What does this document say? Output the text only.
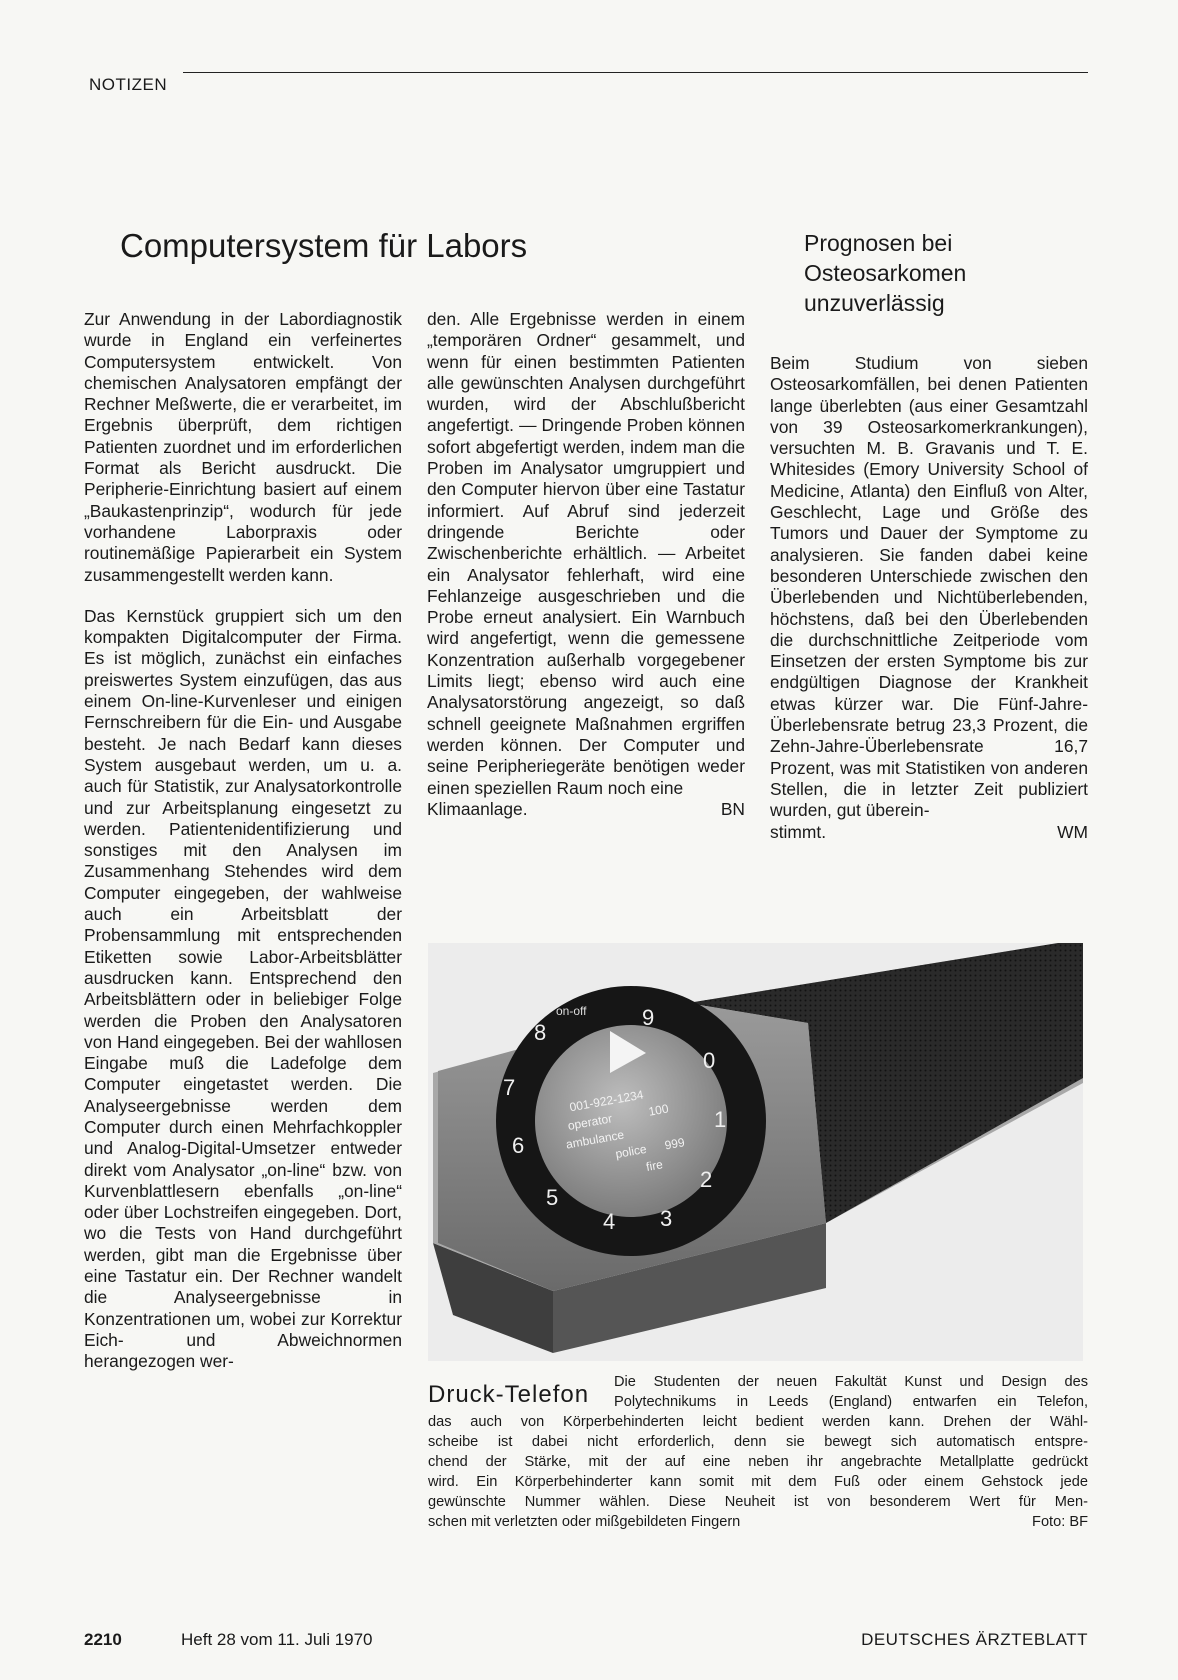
NOTIZEN
Computersystem für Labors	Prognosen bei
Osteosarkomen
unzuverlässig

Zur Anwendung in der Labordiagnostik wurde in England ein verfeinertes Computersystem entwickelt. Von chemischen Analysatoren empfängt der Rechner Meßwerte, die er verarbeitet, im Ergebnis überprüft, dem richtigen Patienten zuordnet und im erforderlichen Format als Bericht ausdruckt. Die Peripherie-Einrichtung basiert auf einem „Baukastenprinzip“, wodurch für jede vorhandene Laborpraxis oder routinemäßige Papierarbeit ein System zusammengestellt werden kann.

Das Kernstück gruppiert sich um den kompakten Digitalcomputer der Firma. Es ist möglich, zunächst ein einfaches preiswertes System einzufügen, das aus einem On-line-Kurvenleser und einigen Fernschreibern für die Ein- und Ausgabe besteht. Je nach Bedarf kann dieses System ausgebaut werden, um u. a. auch für Statistik, zur Analysatorkontrolle und zur Arbeitsplanung eingesetzt zu werden. Patientenidentifizierung und sonstiges mit den Analysen im Zusammenhang Stehendes wird dem Computer eingegeben, der wahlweise auch ein Arbeitsblatt der Probensammlung mit entsprechenden Etiketten sowie Labor-Arbeitsblätter ausdrucken kann. Entsprechend den Arbeitsblättern oder in beliebiger Folge werden die Proben den Analysatoren von Hand eingegeben. Bei der wahllosen Eingabe muß die Ladefolge dem Computer eingetastet werden. Die Analyseergebnisse werden dem Computer durch einen Mehrfachkoppler und Analog-Digital-Umsetzer entweder direkt vom Analysator „on-line“ bzw. von Kurvenblattlesern ebenfalls „on-line“ oder über Lochstreifen eingegeben. Dort, wo die Tests von Hand durchgeführt werden, gibt man die Ergebnisse über eine Tastatur ein. Der Rechner wandelt die Analyseergebnisse in Konzentrationen um, wobei zur Korrektur Eich- und Abweichnormen herangezogen wer-

den. Alle Ergebnisse werden in einem „temporären Ordner“ gesammelt, und wenn für einen bestimmten Patienten alle gewünschten Analysen durchgeführt wurden, wird der Abschlußbericht angefertigt. — Dringende Proben können sofort abgefertigt werden, indem man die Proben im Analysator umgruppiert und den Computer hiervon über eine Tastatur informiert. Auf Abruf sind jederzeit dringende Berichte oder Zwischenberichte erhältlich. — Arbeitet ein Analysator fehlerhaft, wird eine Fehlanzeige ausgeschrieben und die Probe erneut analysiert. Ein Warnbuch wird angefertigt, wenn die gemessene Konzentration außerhalb vorgegebener Limits liegt; ebenso wird auch eine Analysatorstörung angezeigt, so daß schnell geeignete Maßnahmen ergriffen werden können. Der Computer und seine Peripheriegeräte benötigen weder einen speziellen Raum noch eine

Klimaanlage.	BN

Beim Studium von sieben Osteosarkomfällen, bei denen Patienten lange überlebten (aus einer Gesamtzahl von 39 Osteosarkomerkrankungen), versuchten M. B. Gravanis und T. E. Whitesides (Emory University School of Medicine, Atlanta) den Einfluß von Alter, Geschlecht, Lage und Größe des Tumors und Dauer der Symptome zu analysieren. Sie fanden dabei keine besonderen Unterschiede zwischen den Überlebenden und Nichtüberlebenden, höchstens, daß bei den Überlebenden die durchschnittliche Zeitperiode vom Einsetzen der ersten Symptome bis zur endgültigen Diagnose der Krankheit etwas kürzer war. Die Fünf-Jahre-Überlebensrate betrug 23,3 Prozent, die Zehn-Jahre-Überlebensrate 16,7 Prozent, was mit Statistiken von anderen Stellen, die in letzter Zeit publiziert wurden, gut überein-

stimmt.	WM
9
0
1
2
3
4
5
6
7
8
on-off
001-922-1234
operator
100
ambulance
police 999
fire
Druck-Telefon Die Studenten der neuen Fakultät Kunst und Design des
Polytechnikums in Leeds (England) entwarfen ein Telefon,
das auch von Körperbehinderten leicht bedient werden kann. Drehen der Wähl-
scheibe ist dabei nicht erforderlich, denn sie bewegt sich automatisch entspre-
chend der Stärke, mit der auf eine neben ihr angebrachte Metallplatte gedrückt
wird. Ein Körperbehinderter kann somit mit dem Fuß oder einem Gehstock jede
gewünschte Nummer wählen. Diese Neuheit ist von besonderem Wert für Men-
schen mit verletzten oder mißgebildeten Fingern	Foto: BF
2210	Heft 28 vom 11. Juli 1970	DEUTSCHES ÄRZTEBLATT
